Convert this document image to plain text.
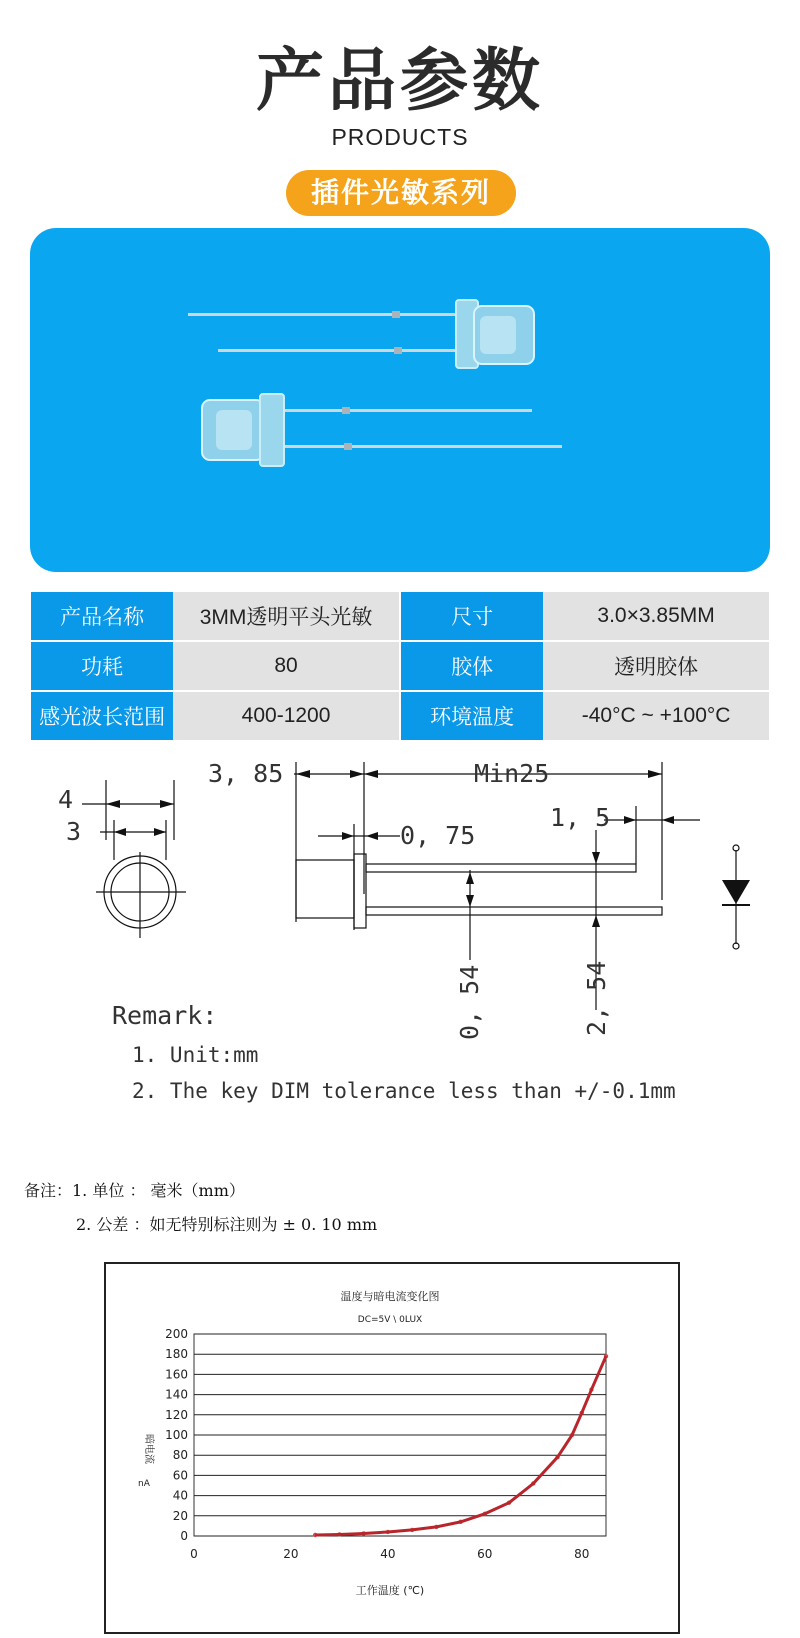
产品参数
PRODUCTS
插件光敏系列
产品名称	3MM透明平头光敏		尺寸	3.0×3.85MM
功耗	80		胶体	透明胶体
感光波长范围	400-1200		环境温度	-40°C ~ +100°C
4
3
3, 85	Min25
0, 75
1, 5
0, 54	2, 54
Remark:
1. Unit:mm
2. The key DIM tolerance less than +/-0.1mm
备注：1. 单位 ： 毫米（mm）
2. 公差 ：如无特别标注则为 ± 0. 10 mm
温度与暗电流变化图
DC=5V \ 0LUX
暗电流
nA
工作温度 (℃)
0
20
40
60
80
100
120
140
160
180
200
0	20	40	60	80
